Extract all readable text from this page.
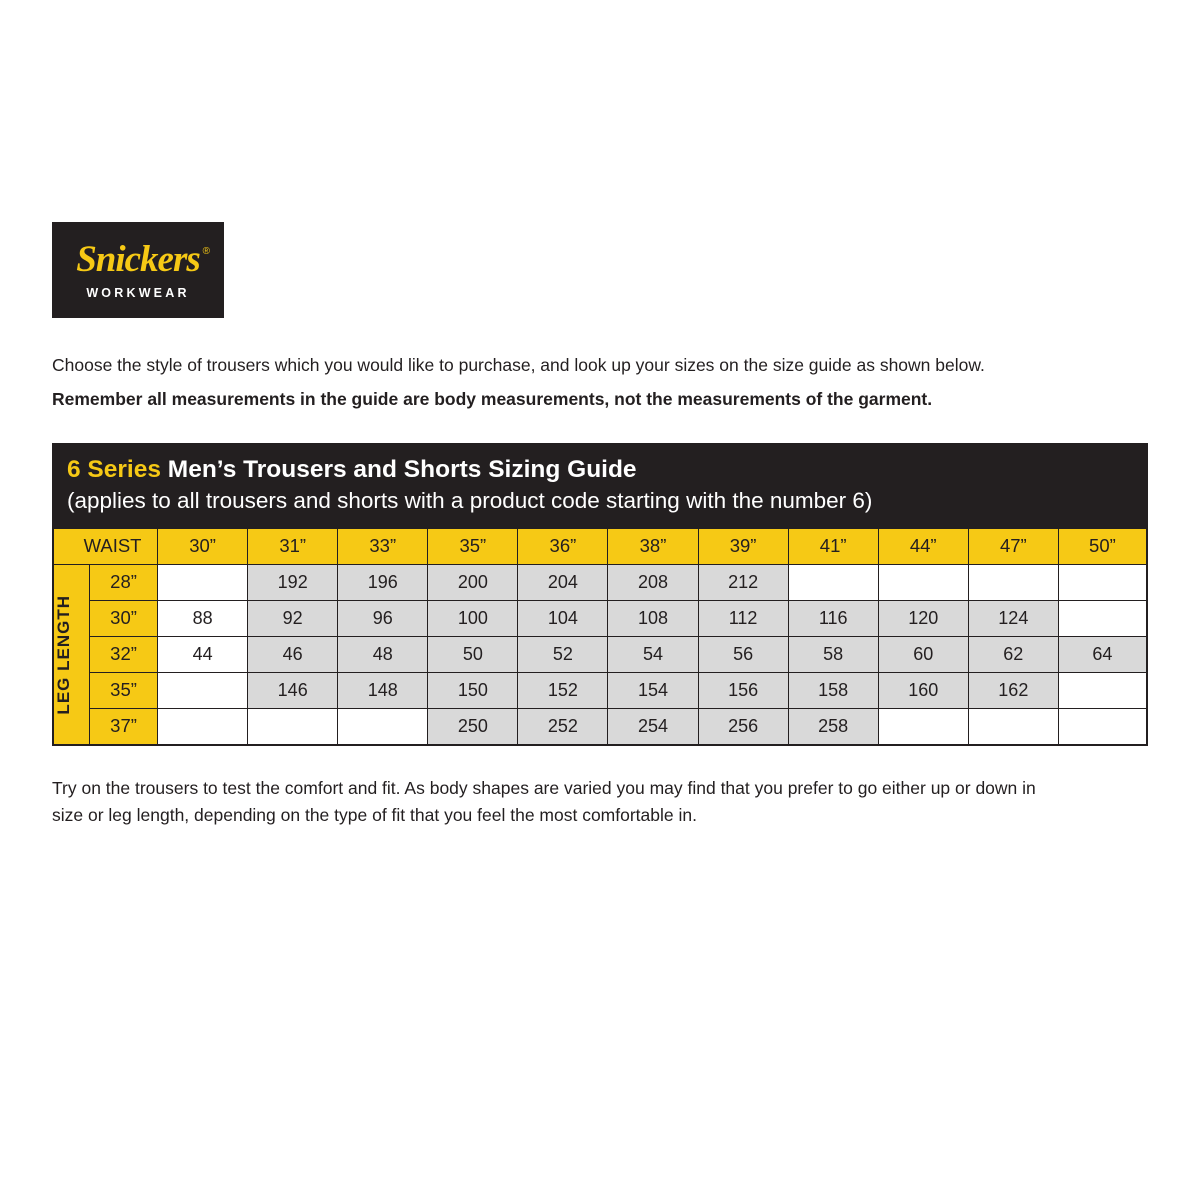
Snickers ®
WORKWEAR

Choose the style of trousers which you would like to purchase, and look up your sizes on the size guide as shown below.

Remember all measurements in the guide are body measurements, not the measurements of the garment.

6 Series Men’s Trousers and Shorts Sizing Guide
(applies to all trousers and shorts with a product code starting with the number 6)
WAIST		30”	31”	33”	35”	36”	38”	39”	41”	44”	47”	50”

LEG LENGTH	28”		192	196	200	204	208	212				
	30”	88	92	96	100	104	108	112	116	120	124	
	32”	44	46	48	50	52	54	56	58	60	62	64
	35”		146	148	150	152	154	156	158	160	162	
	37”				250	252	254	256	258			

Try on the trousers to test the comfort and fit. As body shapes are varied you may find that you prefer to go either up or down in size or leg length, depending on the type of fit that you feel the most comfortable in.
